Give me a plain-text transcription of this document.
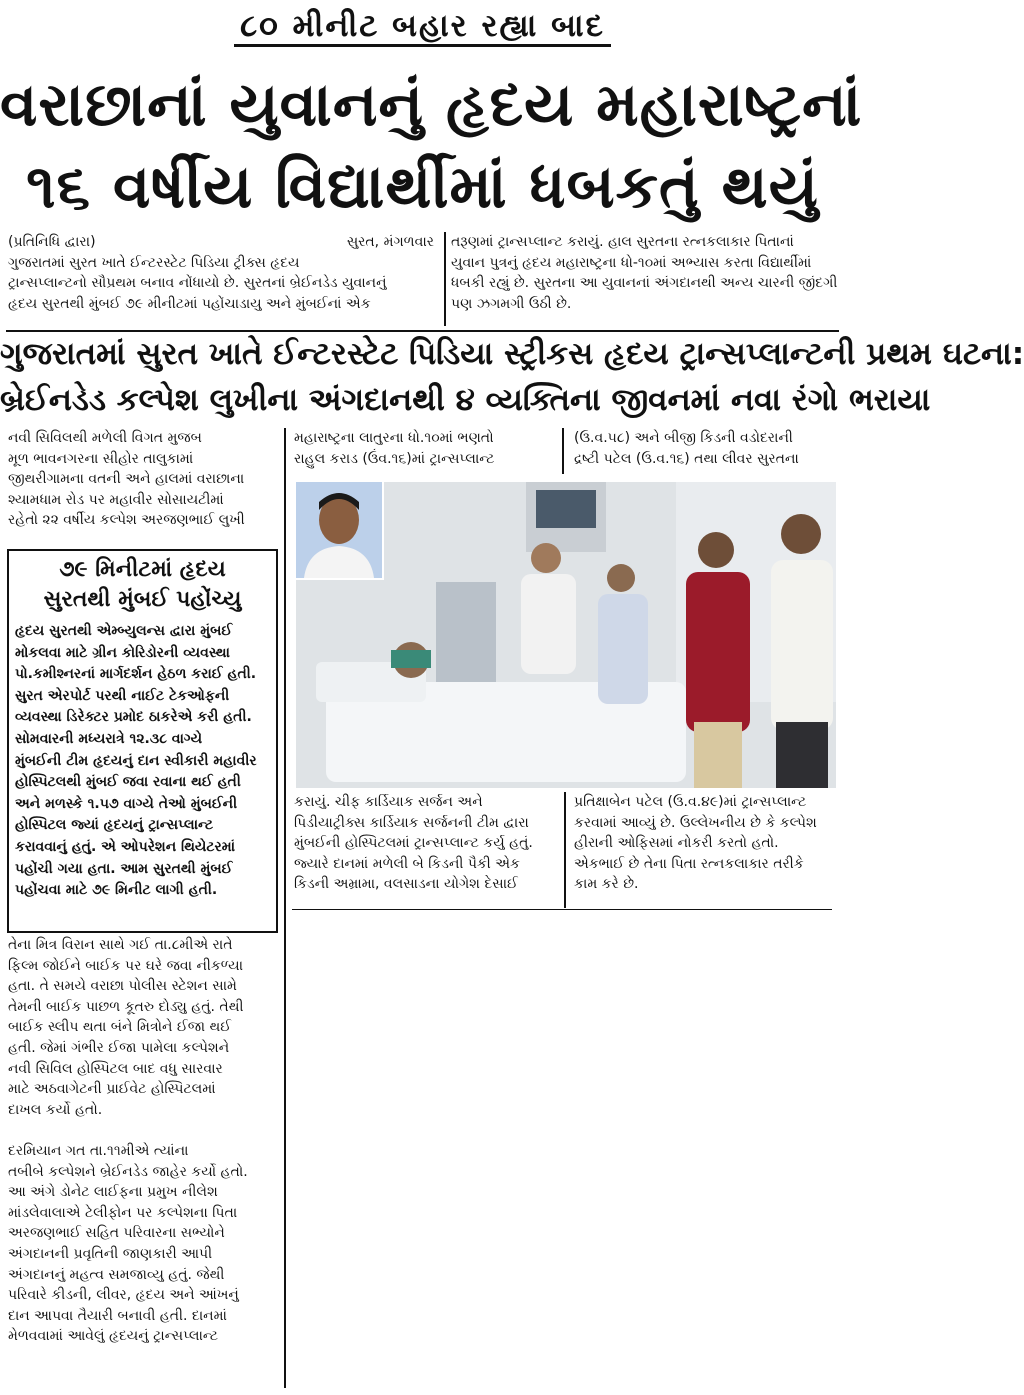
૮૦ મીનીટ બહાર રહ્યા બાદ
વરાછાનાં યુવાનનું હૃદય મહારાષ્ટ્રનાં
૧૬ વર્ષીય વિદ્યાર્થીમાં ધબકતું થયું
(પ્રતિનિધિ દ્વારા)	સુરત, મંગળવાર
ગુજરાતમાં સુરત ખાતે ઈન્ટરસ્ટેટ પિડિયા ટ્રીક્સ હૃદય
ટ્રાન્સપ્લાન્ટનો સૌપ્રથમ બનાવ નોંધાયો છે. સુરતનાં બ્રેઈનડેડ યુવાનનું
હૃદય સુરતથી મુંબઈ ૭૯ મીનીટમાં પહોંચાડાયુ અને મુંબઈનાં એક
તરૂણમાં ટ્રાન્સપ્લાન્ટ કરાયું. હાલ સુરતના રત્નકલાકાર પિતાનાં
યુવાન પુત્રનું હૃદય મહારાષ્ટ્રના ધો-૧૦માં અભ્યાસ કરતા વિદ્યાર્થીમાં
ધબકી રહ્યું છે. સુરતના આ યુવાનનાં અંગદાનથી અન્ય ચારની જીંદગી
પણ ઝગમગી ઉઠી છે.
ગુજરાતમાં સુરત ખાતે ઈન્ટરસ્ટેટ પિડિયા સ્ટ્રીકસ હૃદય ટ્રાન્સપ્લાન્ટની પ્રથમ ઘટના:
બ્રેઈનડેડ કલ્પેશ લુખીના અંગદાનથી ૪ વ્યક્તિના જીવનમાં નવા રંગો ભરાયા
નવી સિવિલથી મળેલી વિગત મુજબ
મૂળ ભાવનગરના સીહોર તાલુકામાં
જીથરીગામના વતની અને હાલમાં વરાછાના
શ્યામધામ રોડ પર મહાવીર સોસાયટીમાં
રહેતો ૨૨ વર્ષીય કલ્પેશ અરજણભાઈ લુખી
૭૯ મિનીટમાં હૃદય
સુરતથી મુંબઈ પહોંચ્યુ
હૃદય સુરતથી એમ્બ્યુલન્સ દ્વારા મુંબઈ
મોકલવા માટે ગ્રીન કોરિડોરની વ્યવસ્થા
પો.કમીશ્નરનાં માર્ગદર્શન હેઠળ કરાઈ હતી.
સુરત એરપોર્ટ પરથી નાઈટ ટેકઓફની
વ્યવસ્થા ડિરેક્ટર પ્રમોદ ઠાકરેએ કરી હતી.
સોમવારની મધ્યરાત્રે ૧૨.૩૮ વાગ્યે
મુંબઈની ટીમ હૃદયનું દાન સ્વીકારી મહાવીર
હોસ્પિટલથી મુંબઈ જવા રવાના થઈ હતી
અને મળસ્કે ૧.૫૭ વાગ્યે તેઓ મુંબઈની
હોસ્પિટલ જ્યાં હૃદયનું ટ્રાન્સપ્લાન્ટ
કરાવવાનું હતું. એ ઓપરેશન થિયેટરમાં
પહોંચી ગયા હતા. આમ સુરતથી મુંબઈ
પહોંચવા માટે ૭૯ મિનીટ લાગી હતી.
તેના મિત્ર વિરાન સાથે ગઈ તા.૮મીએ રાતે
ફિલ્મ જોઈને બાઈક પર ઘરે જવા નીકળ્યા
હતા. તે સમયે વરાછા પોલીસ સ્ટેશન સામે
તેમની બાઈક પાછળ કૂતરુ દોડ્યુ હતું. તેથી
બાઈક સ્લીપ થતા બંને મિત્રોને ઈજા થઈ
હતી. જેમાં ગંભીર ઈજા પામેલા કલ્પેશને
નવી સિવિલ હોસ્પિટલ બાદ વધુ સારવાર
માટે અઠવાગેટની પ્રાઈવેટ હોસ્પિટલમાં
દાખલ કર્યો હતો.

દરમિયાન ગત તા.૧૧મીએ ત્યાંના
તબીબે કલ્પેશને બ્રેઈનડેડ જાહેર કર્યો હતો.
આ અંગે ડોનેટ લાઈફના પ્રમુખ નીલેશ
માંડલેવાલાએ ટેલીફોન પર કલ્પેશના પિતા
અરજણભાઈ સહિત પરિવારના સભ્યોને
અંગદાનની પ્રવૃતિની જાણકારી આપી
અંગદાનનું મહત્વ સમજાવ્યુ હતું. જેથી
પરિવારે કીડની, લીવર, હૃદય અને આંખનું
દાન આપવા તૈયારી બનાવી હતી. દાનમાં
મેળવવામાં આવેલું હૃદયનું ટ્રાન્સપ્લાન્ટ
મહારાષ્ટ્રના લાતુરના ધો.૧૦માં ભણતો
રાહુલ કરાડ (ઉંવ.૧૬)માં ટ્રાન્સપ્લાન્ટ
(ઉ.વ.૫૮) અને બીજી કિડની વડોદરાની
દ્રષ્ટી પટેલ (ઉ.વ.૧૬) તથા લીવર સુરતના
કરાયું. ચીફ કાર્ડિયાક સર્જન અને
પિડીયાટ્રીક્સ કાર્ડિયાક સર્જનની ટીમ દ્વારા
મુંબઈની હોસ્પિટલમાં ટ્રાન્સપ્લાન્ટ કર્યુ હતું.
જ્યારે દાનમાં મળેલી બે કિડની પૈકી એક
કિડની અમ્રામા, વલસાડના યોગેશ દેસાઈ
પ્રતિક્ષાબેન પટેલ (ઉ.વ.૪૯)માં ટ્રાન્સપ્લાન્ટ
કરવામાં આવ્યું છે. ઉલ્લેખનીય છે કે કલ્પેશ
હીરાની ઓફિસમાં નોકરી કરતો હતો.
એકભાઈ છે તેના પિતા રત્નકલાકાર તરીકે
કામ કરે છે.
